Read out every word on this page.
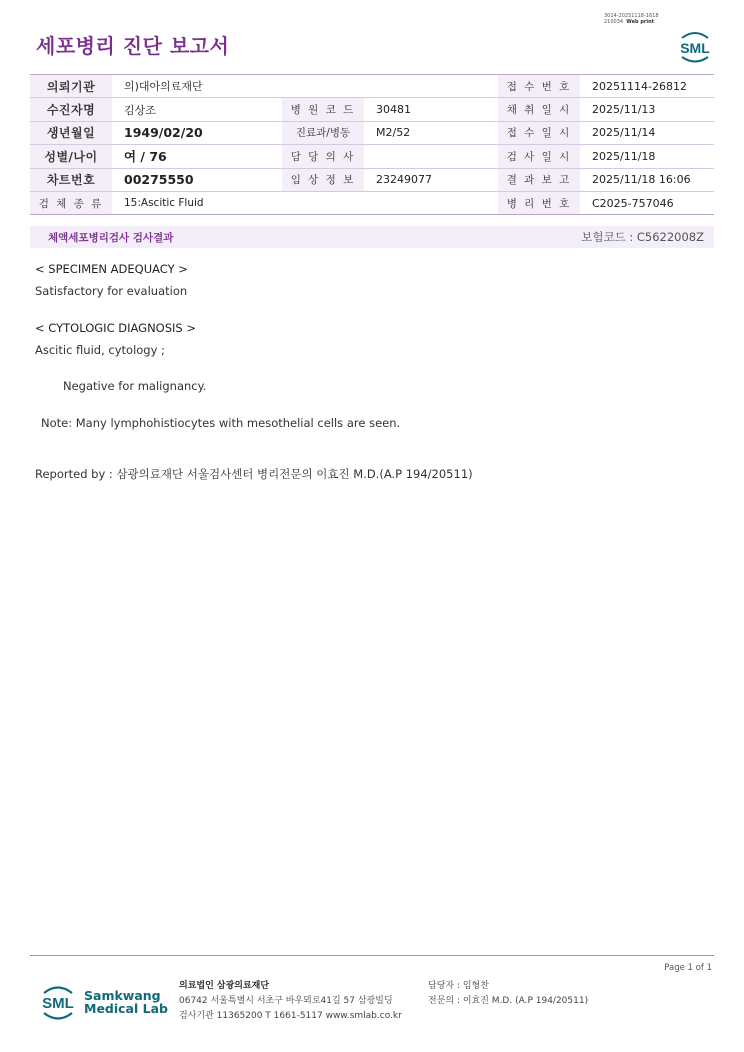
세포병리 진단 보고서
3014-20251118-1618
210034 Web print
SML
의뢰기관	의)대아의료재단			접 수 번 호	20251114-26812
수진자명	김상조	병 원 코 드	30481	채 취 일 시	2025/11/13
생년월일	1949/02/20	진료과/병동	M2/52	접 수 일 시	2025/11/14
성별/나이	여 / 76	담 당 의 사		검 사 일 시	2025/11/18
차트번호	00275550	임 상 정 보	23249077	결 과 보 고	2025/11/18 16:06
검 체 종 류	15:Ascitic Fluid			병 리 번 호	C2025-757046
체액세포병리검사 검사결과	보험코드 : C5622008Z
< SPECIMEN ADEQUACY >
Satisfactory for evaluation
< CYTOLOGIC DIAGNOSIS >
Ascitic fluid, cytology ;
Negative for malignancy.
Note: Many lymphohistiocytes with mesothelial cells are seen.
Reported by : 삼광의료재단 서울검사센터 병리전문의 이효진 M.D.(A.P 194/20511)
Page 1 of 1
SML Samkwang
Medical Lab
의료법인 삼광의료재단
06742 서울특별시 서초구 바우뫼로41길 57 삼광빌딩
검사기관 11365200 T 1661-5117 www.smlab.co.kr
담당자 : 임형찬
전문의 : 이효진 M.D. (A.P 194/20511)
